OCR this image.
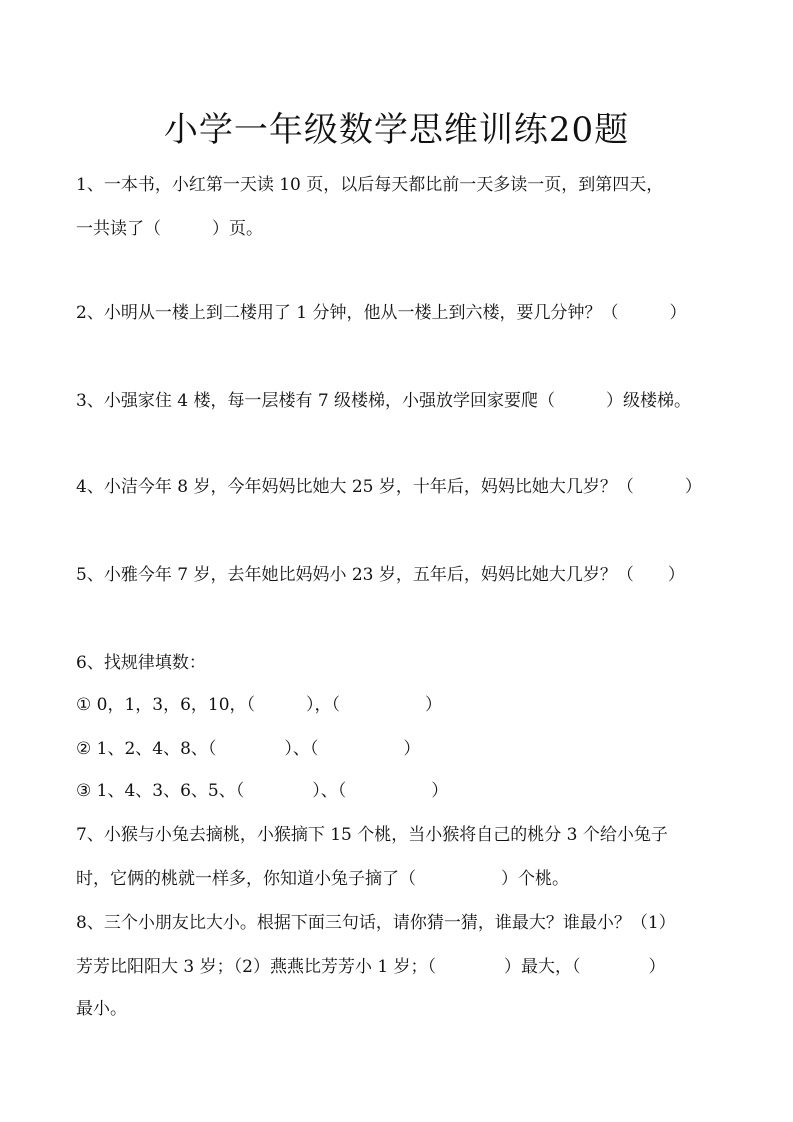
小学一年级数学思维训练20题
1、一本书，小红第一天读 10 页，以后每天都比前一天多读一页，到第四天，
一共读了（　　　）页。
2、小明从一楼上到二楼用了 1 分钟，他从一楼上到六楼，要几分钟？（　　　）
3、小强家住 4 楼，每一层楼有 7 级楼梯，小强放学回家要爬（　　　）级楼梯。
4、小洁今年 8 岁，今年妈妈比她大 25 岁，十年后，妈妈比她大几岁？（　　　）
5、小雅今年 7 岁，去年她比妈妈小 23 岁，五年后，妈妈比她大几岁？（　　）
6、找规律填数：
① 0，1，3，6，10，（　　　），（　　　　　）
② 1、2、4、8、（　　　　）、（　　　　　）
③ 1、4、3、6、5、（　　　　）、（　　　　　）
7、小猴与小兔去摘桃，小猴摘下 15 个桃，当小猴将自己的桃分 3 个给小兔子
时，它俩的桃就一样多，你知道小兔子摘了（　　　　　）个桃。
8、三个小朋友比大小。根据下面三句话，请你猜一猜，谁最大？谁最小？（1）
芳芳比阳阳大 3 岁；（2）燕燕比芳芳小 1 岁；（　　　　）最大，（　　　　）
最小。
